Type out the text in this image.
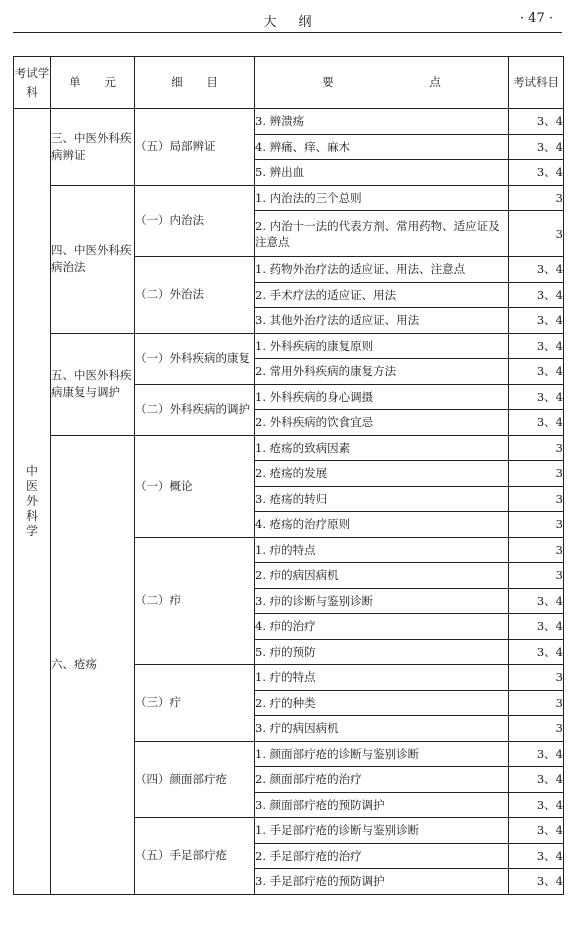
大纲	· 47 ·
考试学科	单 元	细 目	要 点	考试科目
中医外科学	三、中医外科疾病辨证	（五）局部辨证	3. 辨溃疡	3、4
			4. 辨痛、痒、麻木	3、4
			5. 辨出血	3、4
	四、中医外科疾病治法	（一）内治法	1. 内治法的三个总则	3
			2. 内治十一法的代表方剂、常用药物、适应证及注意点	3
		（二）外治法	1. 药物外治疗法的适应证、用法、注意点	3、4
			2. 手术疗法的适应证、用法	3、4
			3. 其他外治疗法的适应证、用法	3、4
	五、中医外科疾病康复与调护	（一）外科疾病的康复	1. 外科疾病的康复原则	3、4
			2. 常用外科疾病的康复方法	3、4
		（二）外科疾病的调护	1. 外科疾病的身心调摄	3、4
			2. 外科疾病的饮食宜忌	3、4
	六、疮疡	（一）概论	1. 疮疡的致病因素	3
			2. 疮疡的发展	3
			3. 疮疡的转归	3
			4. 疮疡的治疗原则	3
		（二）疖	1. 疖的特点	3
			2. 疖的病因病机	3
			3. 疖的诊断与鉴别诊断	3、4
			4. 疖的治疗	3、4
			5. 疖的预防	3、4
		（三）疔	1. 疔的特点	3
			2. 疔的种类	3
			3. 疔的病因病机	3
		（四）颜面部疔疮	1. 颜面部疔疮的诊断与鉴别诊断	3、4
			2. 颜面部疔疮的治疗	3、4
			3. 颜面部疔疮的预防调护	3、4
		（五）手足部疔疮	1. 手足部疔疮的诊断与鉴别诊断	3、4
			2. 手足部疔疮的治疗	3、4
			3. 手足部疔疮的预防调护	3、4
